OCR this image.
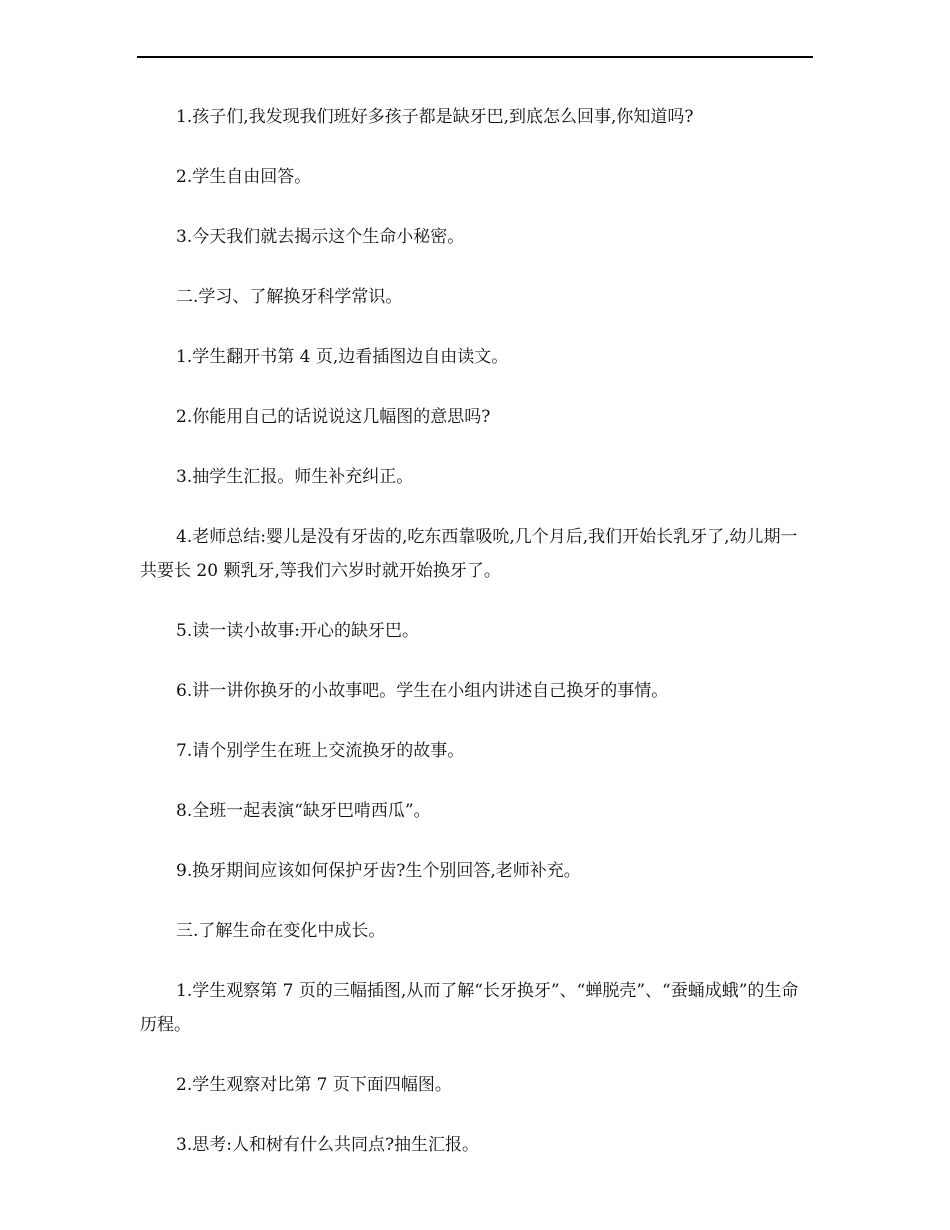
1.孩子们,我发现我们班好多孩子都是缺牙巴,到底怎么回事,你知道吗?

2.学生自由回答。

3.今天我们就去揭示这个生命小秘密。

二.学习、了解换牙科学常识。

1.学生翻开书第 4 页,边看插图边自由读文。

2.你能用自己的话说说这几幅图的意思吗?

3.抽学生汇报。师生补充纠正。

4.老师总结:婴儿是没有牙齿的,吃东西靠吸吮,几个月后,我们开始长乳牙了,幼儿期一共要长 20 颗乳牙,等我们六岁时就开始换牙了。

5.读一读小故事:开心的缺牙巴。

6.讲一讲你换牙的小故事吧。学生在小组内讲述自己换牙的事情。

7.请个别学生在班上交流换牙的故事。

8.全班一起表演“缺牙巴啃西瓜”。

9.换牙期间应该如何保护牙齿?生个别回答,老师补充。

三.了解生命在变化中成长。

1.学生观察第 7 页的三幅插图,从而了解“长牙换牙”、“蝉脱壳”、“蚕蛹成蛾”的生命历程。

2.学生观察对比第 7 页下面四幅图。

3.思考:人和树有什么共同点?抽生汇报。
